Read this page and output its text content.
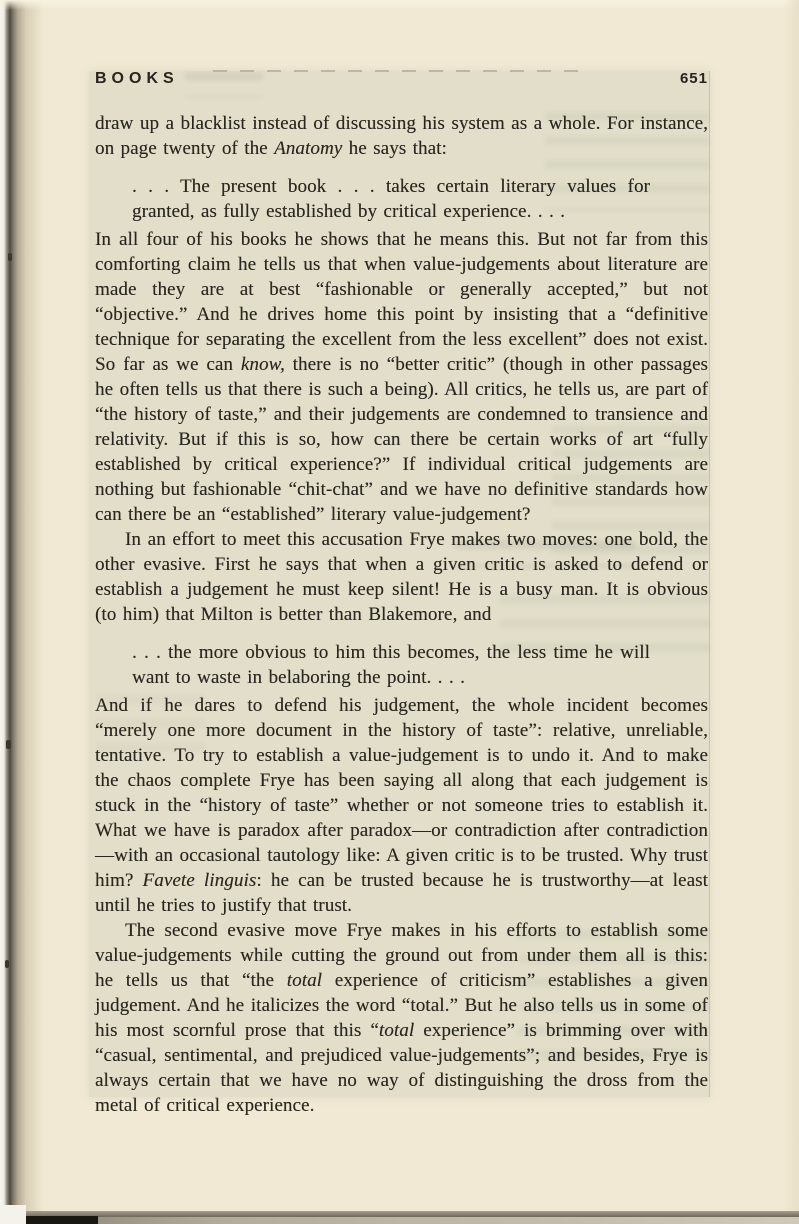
BOOKS	651

draw up a blacklist instead of discussing his system as a whole. For instance, on page twenty of the Anatomy he says that:

. . . The present book . . . takes certain literary values for granted, as fully established by critical experience. . . .

In all four of his books he shows that he means this. But not far from this comforting claim he tells us that when value-judgements about literature are made they are at best “fashionable or generally accepted,” but not “objective.” And he drives home this point by insisting that a “definitive technique for separating the excellent from the less excellent” does not exist. So far as we can know, there is no “better critic” (though in other passages he often tells us that there is such a being). All critics, he tells us, are part of “the history of taste,” and their judgements are condemned to transience and relativity. But if this is so, how can there be certain works of art “fully established by critical experience?” If individual critical judgements are nothing but fashionable “chit-chat” and we have no definitive standards how can there be an “established” literary value-judgement?

In an effort to meet this accusation Frye makes two moves: one bold, the other evasive. First he says that when a given critic is asked to defend or establish a judgement he must keep silent! He is a busy man. It is obvious (to him) that Milton is better than Blakemore, and

. . . the more obvious to him this becomes, the less time he will want to waste in belaboring the point. . . .

And if he dares to defend his judgement, the whole incident becomes “merely one more document in the history of taste”: relative, unreliable, tentative. To try to establish a value-judgement is to undo it. And to make the chaos complete Frye has been saying all along that each judgement is stuck in the “history of taste” whether or not someone tries to establish it. What we have is paradox after paradox—or contradiction after contradiction—with an occasional tautology like: A given critic is to be trusted. Why trust him? Favete linguis: he can be trusted because he is trustworthy—at least until he tries to justify that trust.

The second evasive move Frye makes in his efforts to establish some value-judgements while cutting the ground out from under them all is this: he tells us that “the total experience of criticism” establishes a given judgement. And he italicizes the word “total.” But he also tells us in some of his most scornful prose that this “total experience” is brimming over with “casual, sentimental, and prejudiced value-judgements”; and besides, Frye is always certain that we have no way of distinguishing the dross from the metal of critical experience.
